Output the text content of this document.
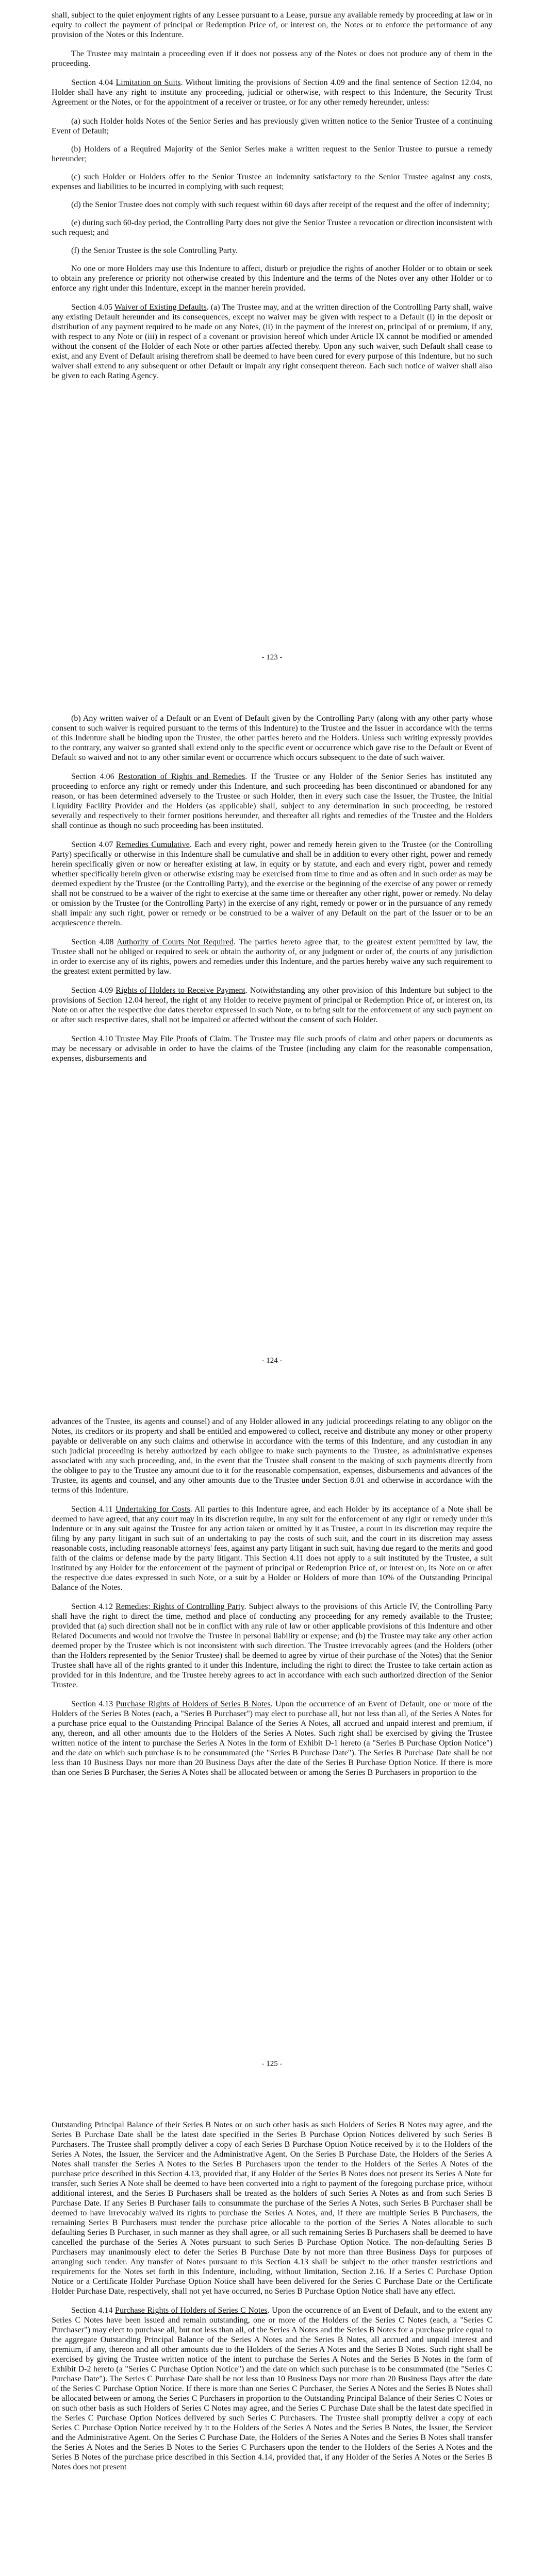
shall, subject to the quiet enjoyment rights of any Lessee pursuant to a Lease, pursue any available remedy by proceeding at law or in equity to collect the payment of principal or Redemption Price of, or interest on, the Notes or to enforce the performance of any provision of the Notes or this Indenture.

The Trustee may maintain a proceeding even if it does not possess any of the Notes or does not produce any of them in the proceeding.

Section 4.04 Limitation on Suits. Without limiting the provisions of Section 4.09 and the final sentence of Section 12.04, no Holder shall have any right to institute any proceeding, judicial or otherwise, with respect to this Indenture, the Security Trust Agreement or the Notes, or for the appointment of a receiver or trustee, or for any other remedy hereunder, unless:

(a) such Holder holds Notes of the Senior Series and has previously given written notice to the Senior Trustee of a continuing Event of Default;

(b) Holders of a Required Majority of the Senior Series make a written request to the Senior Trustee to pursue a remedy hereunder;

(c) such Holder or Holders offer to the Senior Trustee an indemnity satisfactory to the Senior Trustee against any costs, expenses and liabilities to be incurred in complying with such request;

(d) the Senior Trustee does not comply with such request within 60 days after receipt of the request and the offer of indemnity;

(e) during such 60-day period, the Controlling Party does not give the Senior Trustee a revocation or direction inconsistent with such request; and

(f) the Senior Trustee is the sole Controlling Party.

No one or more Holders may use this Indenture to affect, disturb or prejudice the rights of another Holder or to obtain or seek to obtain any preference or priority not otherwise created by this Indenture and the terms of the Notes over any other Holder or to enforce any right under this Indenture, except in the manner herein provided.

Section 4.05 Waiver of Existing Defaults. (a) The Trustee may, and at the written direction of the Controlling Party shall, waive any existing Default hereunder and its consequences, except no waiver may be given with respect to a Default (i) in the deposit or distribution of any payment required to be made on any Notes, (ii) in the payment of the interest on, principal of or premium, if any, with respect to any Note or (iii) in respect of a covenant or provision hereof which under Article IX cannot be modified or amended without the consent of the Holder of each Note or other parties affected thereby. Upon any such waiver, such Default shall cease to exist, and any Event of Default arising therefrom shall be deemed to have been cured for every purpose of this Indenture, but no such waiver shall extend to any subsequent or other Default or impair any right consequent thereon. Each such notice of waiver shall also be given to each Rating Agency.

- 123 -

(b) Any written waiver of a Default or an Event of Default given by the Controlling Party (along with any other party whose consent to such waiver is required pursuant to the terms of this Indenture) to the Trustee and the Issuer in accordance with the terms of this Indenture shall be binding upon the Trustee, the other parties hereto and the Holders. Unless such writing expressly provides to the contrary, any waiver so granted shall extend only to the specific event or occurrence which gave rise to the Default or Event of Default so waived and not to any other similar event or occurrence which occurs subsequent to the date of such waiver.

Section 4.06 Restoration of Rights and Remedies. If the Trustee or any Holder of the Senior Series has instituted any proceeding to enforce any right or remedy under this Indenture, and such proceeding has been discontinued or abandoned for any reason, or has been determined adversely to the Trustee or such Holder, then in every such case the Issuer, the Trustee, the Initial Liquidity Facility Provider and the Holders (as applicable) shall, subject to any determination in such proceeding, be restored severally and respectively to their former positions hereunder, and thereafter all rights and remedies of the Trustee and the Holders shall continue as though no such proceeding has been instituted.

Section 4.07 Remedies Cumulative. Each and every right, power and remedy herein given to the Trustee (or the Controlling Party) specifically or otherwise in this Indenture shall be cumulative and shall be in addition to every other right, power and remedy herein specifically given or now or hereafter existing at law, in equity or by statute, and each and every right, power and remedy whether specifically herein given or otherwise existing may be exercised from time to time and as often and in such order as may be deemed expedient by the Trustee (or the Controlling Party), and the exercise or the beginning of the exercise of any power or remedy shall not be construed to be a waiver of the right to exercise at the same time or thereafter any other right, power or remedy. No delay or omission by the Trustee (or the Controlling Party) in the exercise of any right, remedy or power or in the pursuance of any remedy shall impair any such right, power or remedy or be construed to be a waiver of any Default on the part of the Issuer or to be an acquiescence therein.

Section 4.08 Authority of Courts Not Required. The parties hereto agree that, to the greatest extent permitted by law, the Trustee shall not be obliged or required to seek or obtain the authority of, or any judgment or order of, the courts of any jurisdiction in order to exercise any of its rights, powers and remedies under this Indenture, and the parties hereby waive any such requirement to the greatest extent permitted by law.

Section 4.09 Rights of Holders to Receive Payment. Notwithstanding any other provision of this Indenture but subject to the provisions of Section 12.04 hereof, the right of any Holder to receive payment of principal or Redemption Price of, or interest on, its Note on or after the respective due dates therefor expressed in such Note, or to bring suit for the enforcement of any such payment on or after such respective dates, shall not be impaired or affected without the consent of such Holder.

Section 4.10 Trustee May File Proofs of Claim. The Trustee may file such proofs of claim and other papers or documents as may be necessary or advisable in order to have the claims of the Trustee (including any claim for the reasonable compensation, expenses, disbursements and

- 124 -

advances of the Trustee, its agents and counsel) and of any Holder allowed in any judicial proceedings relating to any obligor on the Notes, its creditors or its property and shall be entitled and empowered to collect, receive and distribute any money or other property payable or deliverable on any such claims and otherwise in accordance with the terms of this Indenture, and any custodian in any such judicial proceeding is hereby authorized by each obligee to make such payments to the Trustee, as administrative expenses associated with any such proceeding, and, in the event that the Trustee shall consent to the making of such payments directly from the obligee to pay to the Trustee any amount due to it for the reasonable compensation, expenses, disbursements and advances of the Trustee, its agents and counsel, and any other amounts due to the Trustee under Section 8.01 and otherwise in accordance with the terms of this Indenture.

Section 4.11 Undertaking for Costs. All parties to this Indenture agree, and each Holder by its acceptance of a Note shall be deemed to have agreed, that any court may in its discretion require, in any suit for the enforcement of any right or remedy under this Indenture or in any suit against the Trustee for any action taken or omitted by it as Trustee, a court in its discretion may require the filing by any party litigant in such suit of an undertaking to pay the costs of such suit, and the court in its discretion may assess reasonable costs, including reasonable attorneys' fees, against any party litigant in such suit, having due regard to the merits and good faith of the claims or defense made by the party litigant. This Section 4.11 does not apply to a suit instituted by the Trustee, a suit instituted by any Holder for the enforcement of the payment of principal or Redemption Price of, or interest on, its Note on or after the respective due dates expressed in such Note, or a suit by a Holder or Holders of more than 10% of the Outstanding Principal Balance of the Notes.

Section 4.12 Remedies; Rights of Controlling Party. Subject always to the provisions of this Article IV, the Controlling Party shall have the right to direct the time, method and place of conducting any proceeding for any remedy available to the Trustee; provided that (a) such direction shall not be in conflict with any rule of law or other applicable provisions of this Indenture and other Related Documents and would not involve the Trustee in personal liability or expense; and (b) the Trustee may take any other action deemed proper by the Trustee which is not inconsistent with such direction. The Trustee irrevocably agrees (and the Holders (other than the Holders represented by the Senior Trustee) shall be deemed to agree by virtue of their purchase of the Notes) that the Senior Trustee shall have all of the rights granted to it under this Indenture, including the right to direct the Trustee to take certain action as provided for in this Indenture, and the Trustee hereby agrees to act in accordance with each such authorized direction of the Senior Trustee.

Section 4.13 Purchase Rights of Holders of Series B Notes. Upon the occurrence of an Event of Default, one or more of the Holders of the Series B Notes (each, a "Series B Purchaser") may elect to purchase all, but not less than all, of the Series A Notes for a purchase price equal to the Outstanding Principal Balance of the Series A Notes, all accrued and unpaid interest and premium, if any, thereon, and all other amounts due to the Holders of the Series A Notes. Such right shall be exercised by giving the Trustee written notice of the intent to purchase the Series A Notes in the form of Exhibit D-1 hereto (a "Series B Purchase Option Notice") and the date on which such purchase is to be consummated (the "Series B Purchase Date"). The Series B Purchase Date shall be not less than 10 Business Days nor more than 20 Business Days after the date of the Series B Purchase Option Notice. If there is more than one Series B Purchaser, the Series A Notes shall be allocated between or among the Series B Purchasers in proportion to the

- 125 -

Outstanding Principal Balance of their Series B Notes or on such other basis as such Holders of Series B Notes may agree, and the Series B Purchase Date shall be the latest date specified in the Series B Purchase Option Notices delivered by such Series B Purchasers. The Trustee shall promptly deliver a copy of each Series B Purchase Option Notice received by it to the Holders of the Series A Notes, the Issuer, the Servicer and the Administrative Agent. On the Series B Purchase Date, the Holders of the Series A Notes shall transfer the Series A Notes to the Series B Purchasers upon the tender to the Holders of the Series A Notes of the purchase price described in this Section 4.13, provided that, if any Holder of the Series B Notes does not present its Series A Note for transfer, such Series A Note shall be deemed to have been converted into a right to payment of the foregoing purchase price, without additional interest, and the Series B Purchasers shall be treated as the holders of such Series A Notes as and from such Series B Purchase Date. If any Series B Purchaser fails to consummate the purchase of the Series A Notes, such Series B Purchaser shall be deemed to have irrevocably waived its rights to purchase the Series A Notes, and, if there are multiple Series B Purchasers, the remaining Series B Purchasers must tender the purchase price allocable to the portion of the Series A Notes allocable to such defaulting Series B Purchaser, in such manner as they shall agree, or all such remaining Series B Purchasers shall be deemed to have cancelled the purchase of the Series A Notes pursuant to such Series B Purchase Option Notice. The non-defaulting Series B Purchasers may unanimously elect to defer the Series B Purchase Date by not more than three Business Days for purposes of arranging such tender. Any transfer of Notes pursuant to this Section 4.13 shall be subject to the other transfer restrictions and requirements for the Notes set forth in this Indenture, including, without limitation, Section 2.16. If a Series C Purchase Option Notice or a Certificate Holder Purchase Option Notice shall have been delivered for the Series C Purchase Date or the Certificate Holder Purchase Date, respectively, shall not yet have occurred, no Series B Purchase Option Notice shall have any effect.

Section 4.14 Purchase Rights of Holders of Series C Notes. Upon the occurrence of an Event of Default, and to the extent any Series C Notes have been issued and remain outstanding, one or more of the Holders of the Series C Notes (each, a "Series C Purchaser") may elect to purchase all, but not less than all, of the Series A Notes and the Series B Notes for a purchase price equal to the aggregate Outstanding Principal Balance of the Series A Notes and the Series B Notes, all accrued and unpaid interest and premium, if any, thereon and all other amounts due to the Holders of the Series A Notes and the Series B Notes. Such right shall be exercised by giving the Trustee written notice of the intent to purchase the Series A Notes and the Series B Notes in the form of Exhibit D-2 hereto (a "Series C Purchase Option Notice") and the date on which such purchase is to be consummated (the "Series C Purchase Date"). The Series C Purchase Date shall be not less than 10 Business Days nor more than 20 Business Days after the date of the Series C Purchase Option Notice. If there is more than one Series C Purchaser, the Series A Notes and the Series B Notes shall be allocated between or among the Series C Purchasers in proportion to the Outstanding Principal Balance of their Series C Notes or on such other basis as such Holders of Series C Notes may agree, and the Series C Purchase Date shall be the latest date specified in the Series C Purchase Option Notices delivered by such Series C Purchasers. The Trustee shall promptly deliver a copy of each Series C Purchase Option Notice received by it to the Holders of the Series A Notes and the Series B Notes, the Issuer, the Servicer and the Administrative Agent. On the Series C Purchase Date, the Holders of the Series A Notes and the Series B Notes shall transfer the Series A Notes and the Series B Notes to the Series C Purchasers upon the tender to the Holders of the Series A Notes and the Series B Notes of the purchase price described in this Section 4.14, provided that, if any Holder of the Series A Notes or the Series B Notes does not present
